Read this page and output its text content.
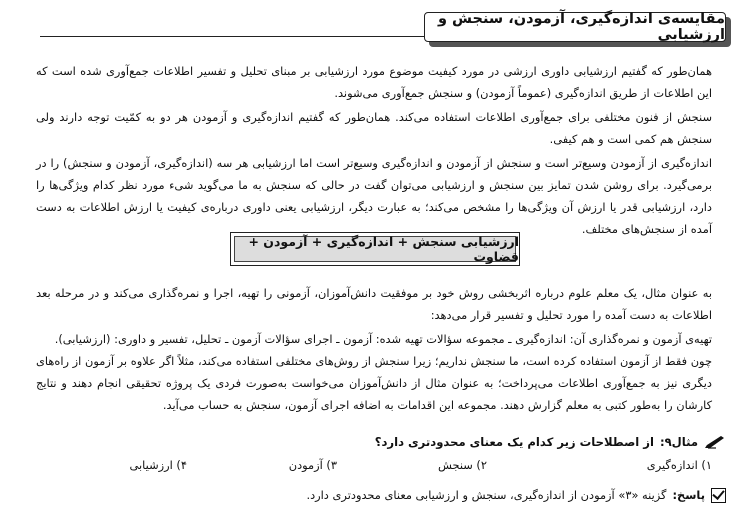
مقایسه‌ی اندازه‌گیری، آزمودن، سنجش و ارزشیابی

همان‌طور که گفتیم ارزشیابی داوری ارزشی در مورد کیفیت موضوع مورد ارزشیابی بر مبنای تحلیل و تفسیر اطلاعات جمع‌آوری شده است که این اطلاعات از طریق اندازه‌گیری (عموماً آزمودن) و سنجش جمع‌آوری می‌شوند.

سنجش از فنون مختلفی برای جمع‌آوری اطلاعات استفاده می‌کند. همان‌طور که گفتیم اندازه‌گیری و آزمودن هر دو به کمّیت توجه دارند ولی سنجش هم کمی است و هم کیفی.

اندازه‌گیری از آزمودن وسیع‌تر است و سنجش از آزمودن و اندازه‌گیری وسیع‌تر است اما ارزشیابی هر سه (اندازه‌گیری، آزمودن و سنجش) را در برمی‌گیرد. برای روشن شدن تمایز بین سنجش و ارزشیابی می‌توان گفت در حالی که سنجش به ما می‌گوید شیء مورد نظر کدام ویژگی‌ها را دارد، ارزشیابی قدر یا ارزش آن ویژگی‌ها را مشخص می‌کند؛ به عبارت دیگر، ارزشیابی یعنی داوری درباره‌ی کیفیت یا ارزش اطلاعات به دست آمده از سنجش‌های مختلف.

ارزشیابی سنجش + اندازه‌گیری + آزمودن + قضاوت

به عنوان مثال، یک معلم علوم درباره اثربخشی روش خود بر موفقیت دانش‌آموزان، آزمونی را تهیه، اجرا و نمره‌گذاری می‌کند و در مرحله بعد اطلاعات به دست آمده را مورد تحلیل و تفسیر قرار می‌دهد:

تهیه‌ی آزمون و نمره‌گذاری آن: اندازه‌گیری ـ مجموعه سؤالات تهیه شده: آزمون ـ اجرای سؤالات آزمون ـ تحلیل، تفسیر و داوری: (ارزشیابی).

چون فقط از آزمون استفاده کرده است، ما سنجش نداریم؛ زیرا سنجش از روش‌های مختلفی استفاده می‌کند، مثلاً اگر علاوه بر آزمون از راه‌های دیگری نیز به جمع‌آوری اطلاعات می‌پرداخت؛ به عنوان مثال از دانش‌آموزان می‌خواست به‌صورت فردی یک پروژه تحقیقی انجام دهند و نتایج کارشان را به‌طور کتبی به معلم گزارش دهند. مجموعه این اقدامات به اضافه اجرای آزمون، سنجش به حساب می‌آید.

مثال۹:
از اصطلاحات زیر کدام یک معنای محدودتری دارد؟
۱) اندازه‌گیری
۲) سنجش
۳) آزمودن
۴) ارزشیابی
پاسخ:
گزینه «۳» آزمودن از اندازه‌گیری، سنجش و ارزشیابی معنای محدودتری دارد.
